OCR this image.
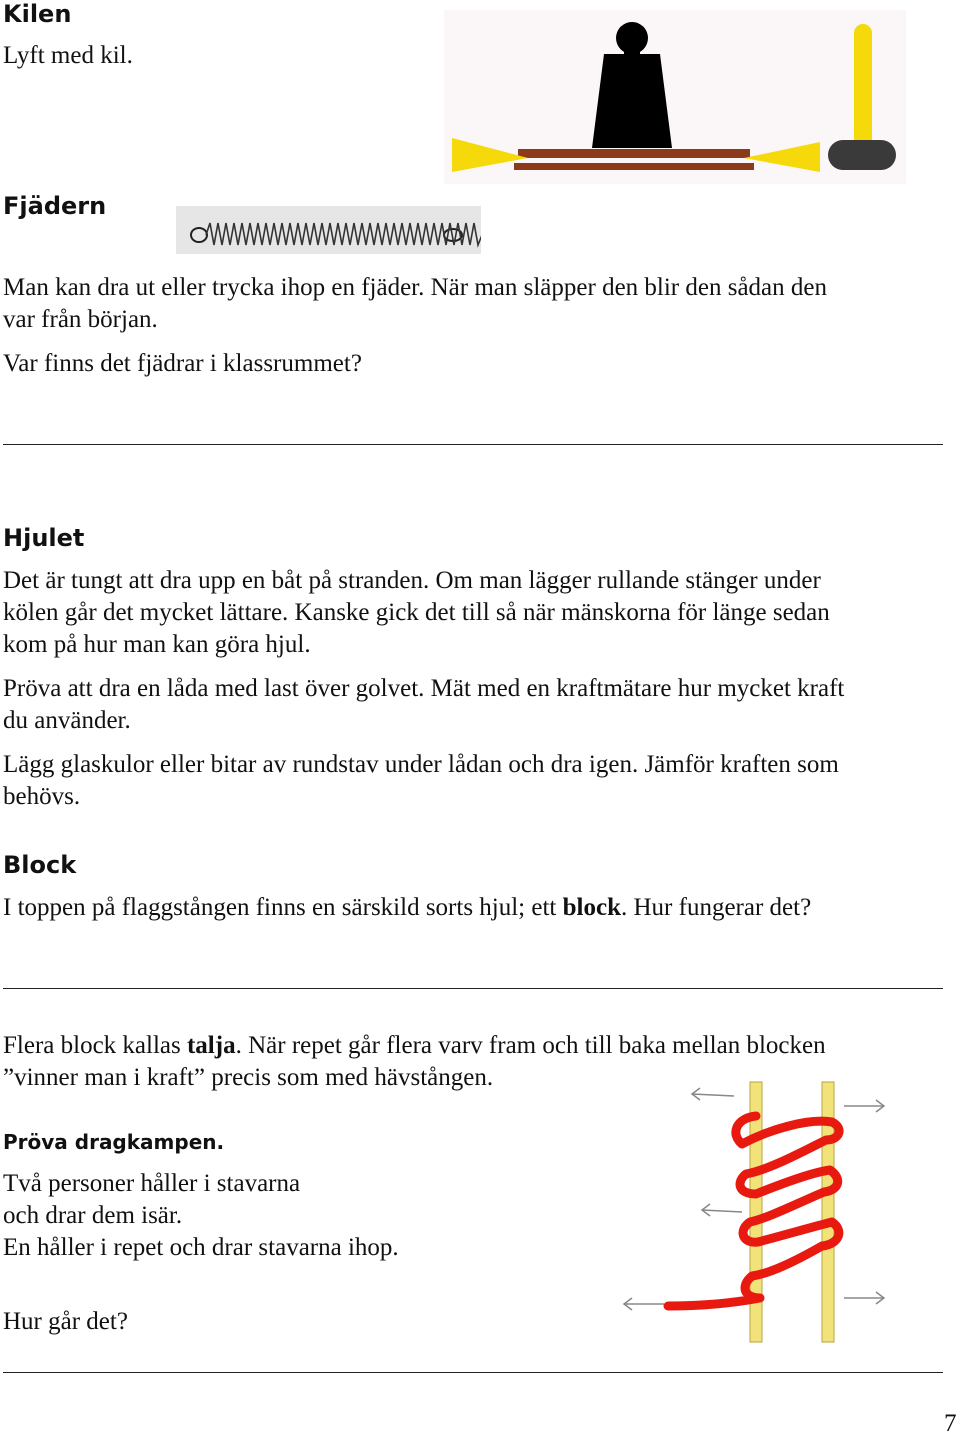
Kilen
Lyft med kil.
Fjädern
Man kan dra ut eller trycka ihop en fjäder. När man släpper den blir den sådan den
var från början.
Var finns det fjädrar i klassrummet?
Hjulet
Det är tungt att dra upp en båt på stranden. Om man lägger rullande stänger under
kölen går det mycket lättare. Kanske gick det till så när mänskorna för länge sedan
kom på hur man kan göra hjul.
Pröva att dra en låda med last över golvet. Mät med en kraftmätare hur mycket kraft
du använder.
Lägg glaskulor eller bitar av rundstav under lådan och dra igen. Jämför kraften som
behövs.
Block
I toppen på flaggstången finns en särskild sorts hjul; ett block. Hur fungerar det?
Flera block kallas talja. När repet går flera varv fram och till baka mellan blocken
”vinner man i kraft” precis som med hävstången.
Pröva dragkampen.
Två personer håller i stavarna
och drar dem isär.
En håller i repet och drar stavarna ihop.
Hur går det?
7
